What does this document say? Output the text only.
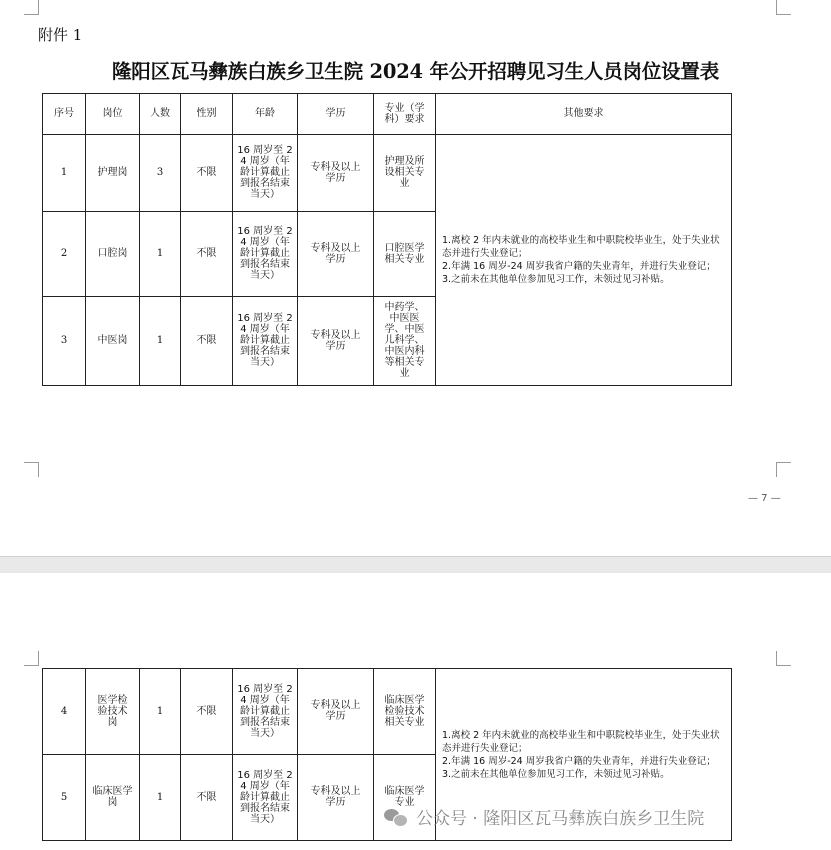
附件 1
隆阳区瓦马彝族白族乡卫生院 2024 年公开招聘见习生人员岗位设置表
序号	岗位	人数	性别	年龄	学历	专业（学科）要求	其他要求
1	护理岗	3	不限	16 周岁至 24 周岁（年龄计算截止到报名结束当天）	专科及以上学历	护理及所设相关专业	1.离校 2 年内未就业的高校毕业生和中职院校毕业生，处于失业状态并进行失业登记；
2.年满 16 周岁-24 周岁我省户籍的失业青年，并进行失业登记；
3.之前未在其他单位参加见习工作，未领过见习补贴。

2	口腔岗	1	不限	16 周岁至 24 周岁（年龄计算截止到报名结束当天）	专科及以上学历	口腔医学相关专业	
3	中医岗	1	不限	16 周岁至 24 周岁（年龄计算截止到报名结束当天）	专科及以上学历	中药学、中医医学、中医儿科学、中医内科等相关专业	
— 7 —
4	医学检验技术岗	1	不限	16 周岁至 24 周岁（年龄计算截止到报名结束当天）	专科及以上学历	临床医学检验技术相关专业	1.离校 2 年内未就业的高校毕业生和中职院校毕业生，处于失业状态并进行失业登记；
2.年满 16 周岁-24 周岁我省户籍的失业青年，并进行失业登记；
3.之前未在其他单位参加见习工作，未领过见习补贴。

5	临床医学岗	1	不限	16 周岁至 24 周岁（年龄计算截止到报名结束当天）	专科及以上学历	临床医学专业	
公众号 · 隆阳区瓦马彝族白族乡卫生院
